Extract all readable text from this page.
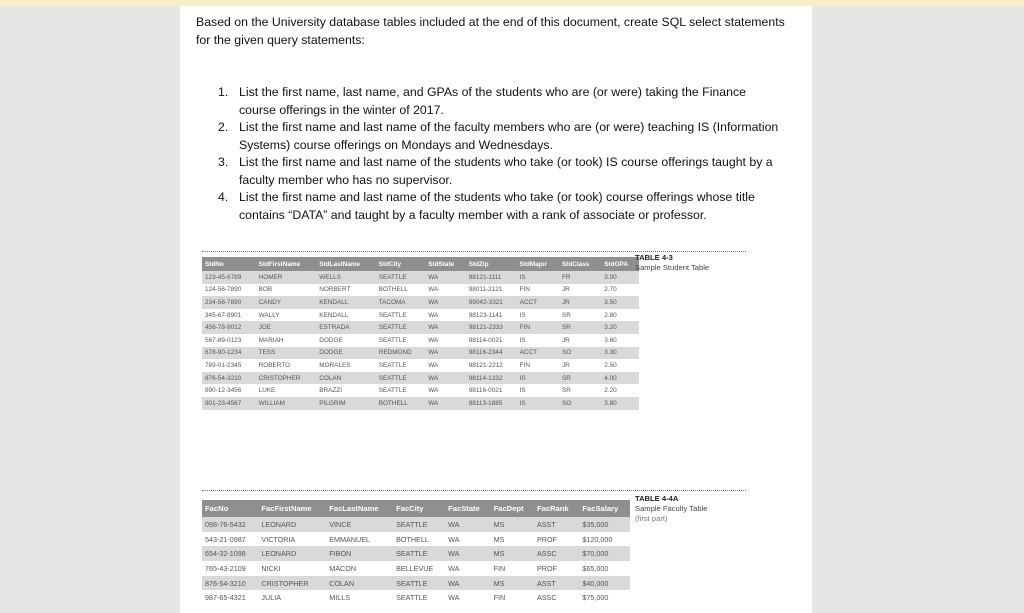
Based on the University database tables included at the end of this document, create SQL select statements for the given query statements:
1. List the first name, last name, and GPAs of the students who are (or were) taking the Finance course offerings in the winter of 2017.
2. List the first name and last name of the faculty members who are (or were) teaching IS (Information Systems) course offerings on Mondays and Wednesdays.
3. List the first name and last name of the students who take (or took) IS course offerings taught by a faculty member who has no supervisor.
4. List the first name and last name of the students who take (or took) course offerings whose title contains “DATA” and taught by a faculty member with a rank of associate or professor.
StdNo	StdFirstName	StdLastName	StdCity	StdState	StdZip	StdMajor	StdClass	StdGPA
123-45-6789	HOMER	WELLS	SEATTLE	WA	98121-1111	IS	FR	3.00
124-56-7890	BOB	NORBERT	BOTHELL	WA	98011-2121	FIN	JR	2.70
234-56-7890	CANDY	KENDALL	TACOMA	WA	99042-3321	ACCT	JR	3.50
345-67-8901	WALLY	KENDALL	SEATTLE	WA	98123-1141	IS	SR	2.80
456-78-9012	JOE	ESTRADA	SEATTLE	WA	98121-2333	FIN	SR	3.20
567-89-0123	MARIAH	DODGE	SEATTLE	WA	98114-0021	IS	JR	3.60
678-90-1234	TESS	DODGE	REDMOND	WA	98116-2344	ACCT	SO	3.30
789-01-2345	ROBERTO	MORALES	SEATTLE	WA	98121-2212	FIN	JR	2.50
876-54-3210	CRISTOPHER	COLAN	SEATTLE	WA	98114-1332	IS	SR	4.00
890-12-3456	LUKE	BRAZZI	SEATTLE	WA	98116-0021	IS	SR	2.20
901-23-4567	WILLIAM	PILGRIM	BOTHELL	WA	98113-1885	IS	SO	3.80
TABLE 4-3
Sample Student Table
FacNo	FacFirstName	FacLastName	FacCity	FacState	FacDept	FacRank	FacSalary
098-76-5432	LEONARD	VINCE	SEATTLE	WA	MS	ASST	$35,000
543-21-0987	VICTORIA	EMMANUEL	BOTHELL	WA	MS	PROF	$120,000
654-32-1098	LEONARD	FIBON	SEATTLE	WA	MS	ASSC	$70,000
765-43-2109	NICKI	MACON	BELLEVUE	WA	FIN	PROF	$65,000
876-54-3210	CRISTOPHER	COLAN	SEATTLE	WA	MS	ASST	$40,000
987-65-4321	JULIA	MILLS	SEATTLE	WA	FIN	ASSC	$75,000
TABLE 4-4A
Sample Faculty Table
(first part)
